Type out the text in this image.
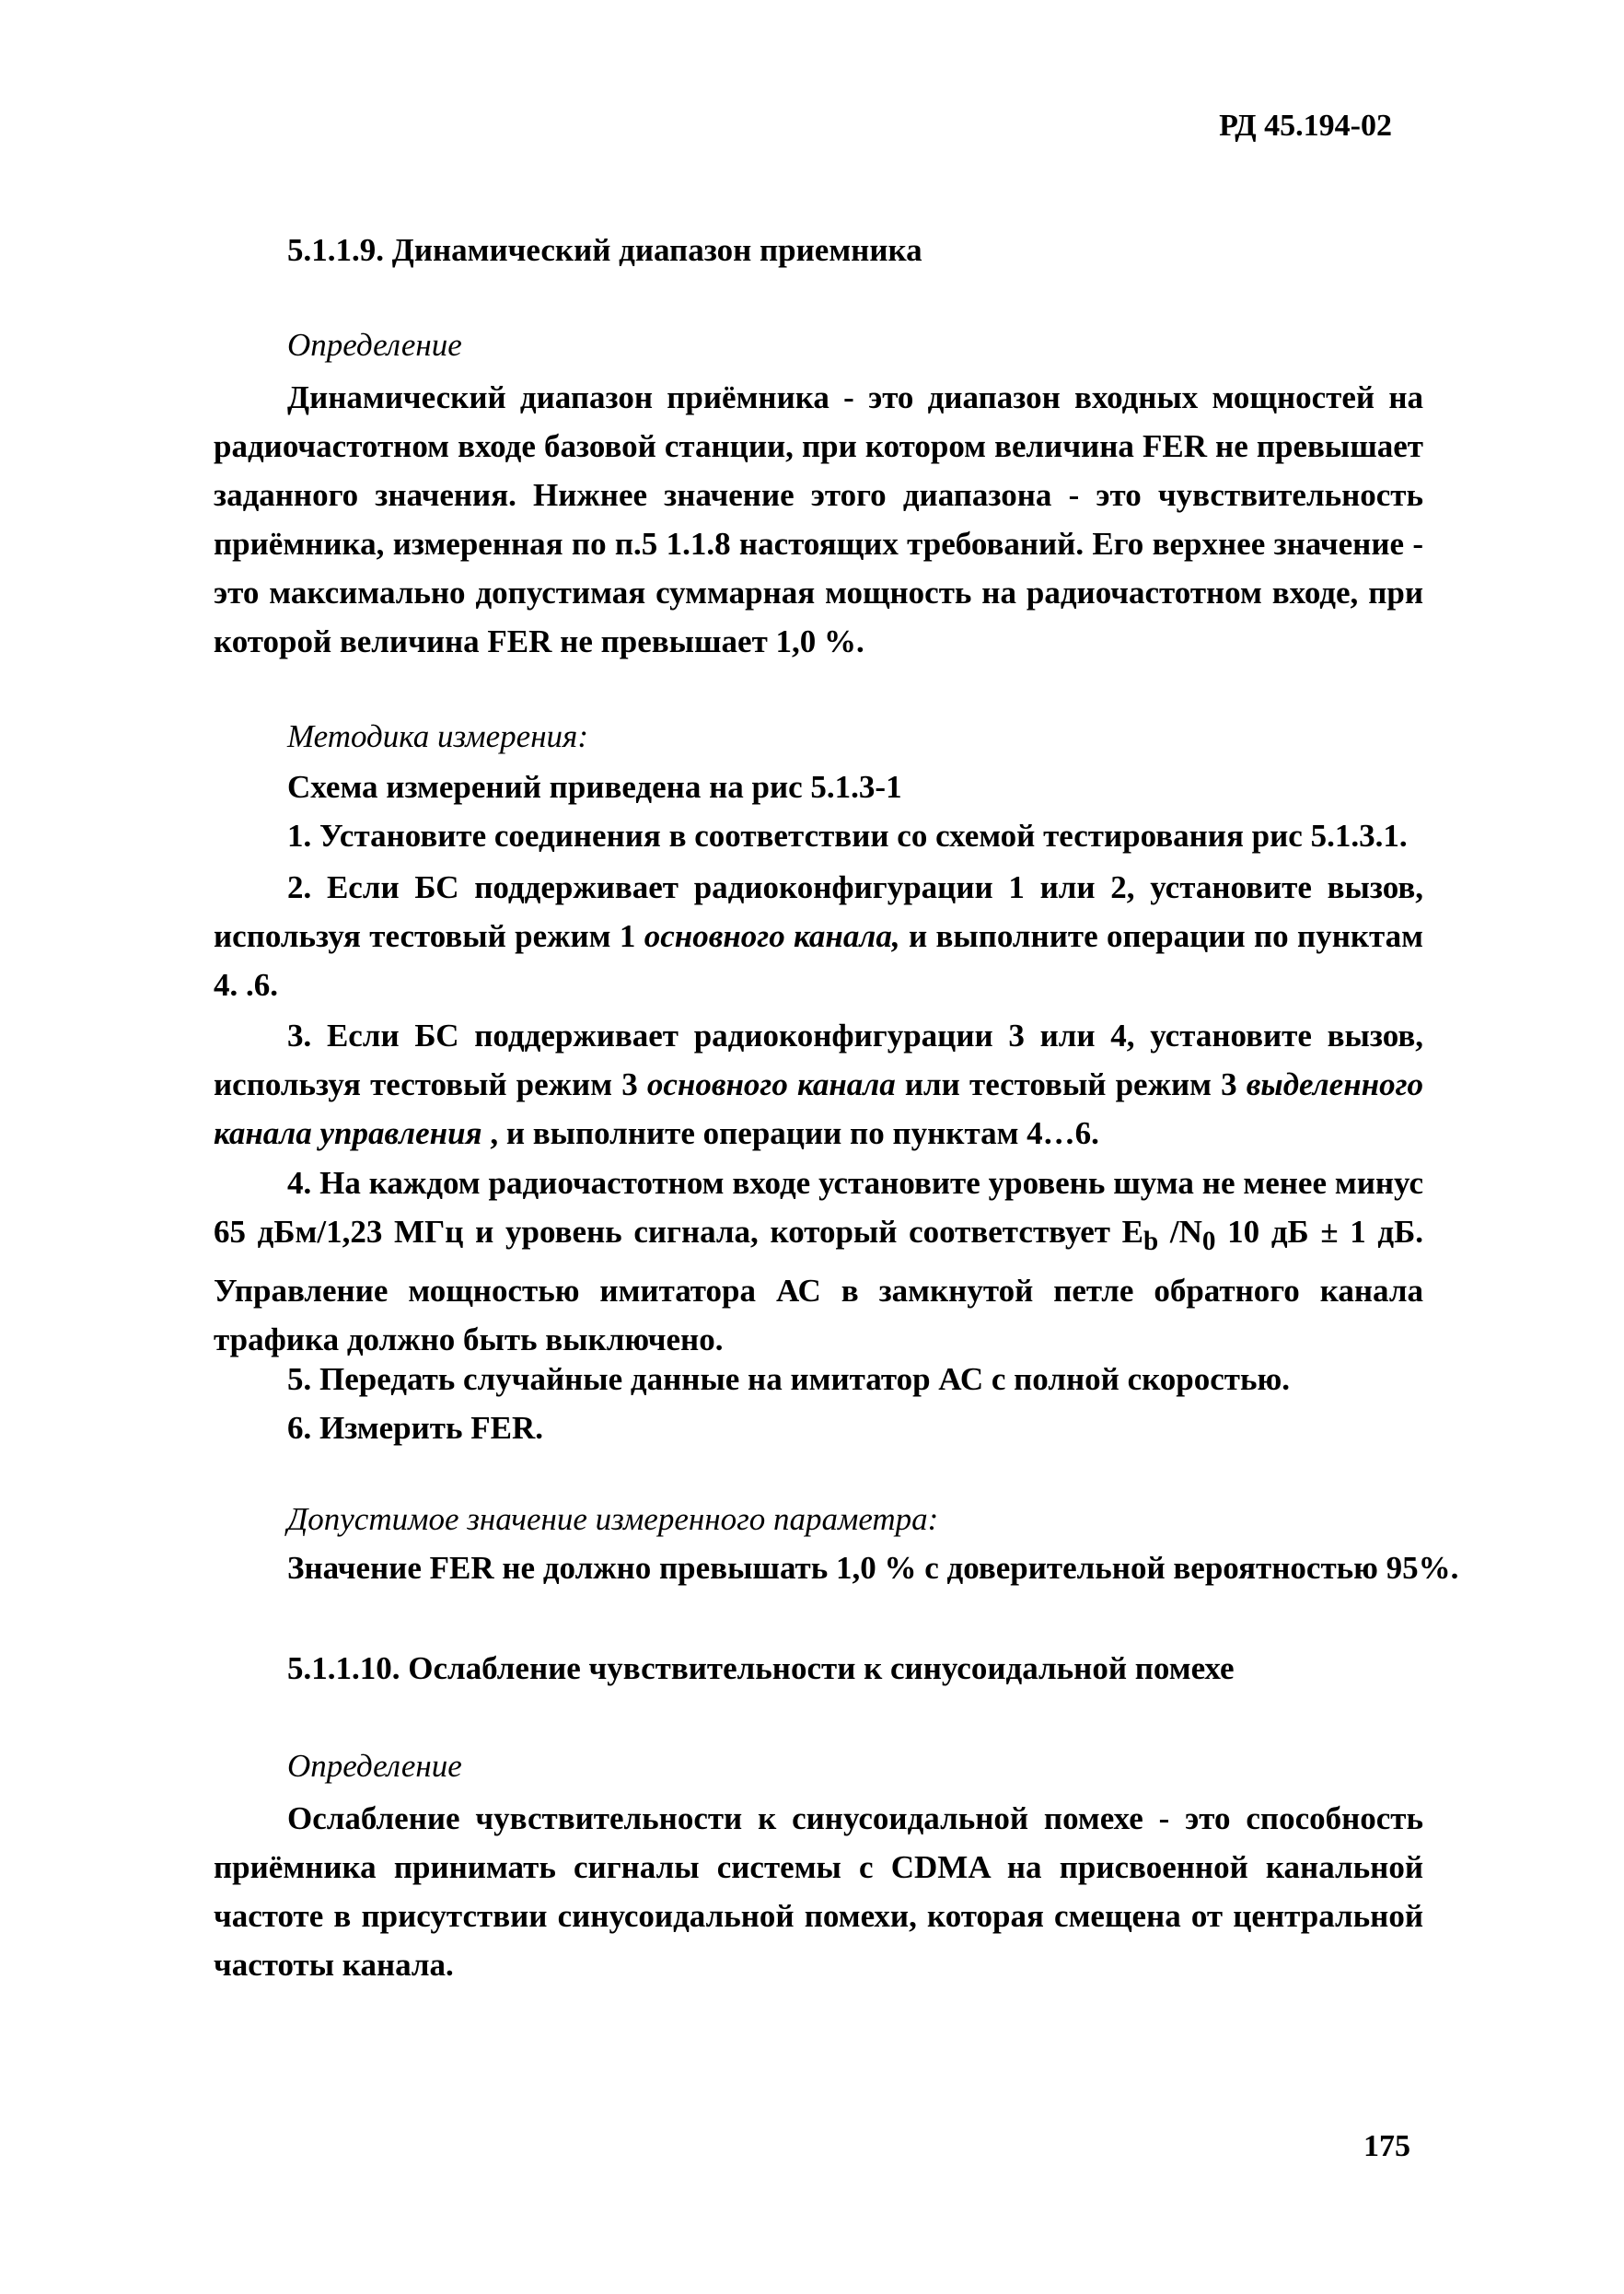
РД 45.194-02
5.1.1.9. Динамический диапазон приемника
Определение

Динамический диапазон приёмника - это диапазон входных мощностей на радиочастотном входе базовой станции, при котором величина FER не превышает заданного значения. Нижнее значение этого диапазона - это чувствительность приёмника, измеренная по п.5 1.1.8 настоящих требований. Его верхнее значение - это максимально допустимая суммарная мощность на радиочастотном входе, при которой величина FER не превышает 1,0 %.

Методика измерения:
Схема измерений приведена на рис 5.1.3-1
1. Установите соединения в соответствии со схемой тестирования рис 5.1.3.1.

2. Если БС поддерживает радиоконфигурации 1 или 2, установите вызов, используя тестовый режим 1 основного канала, и выполните операции по пунктам 4. .6.

3. Если БС поддерживает радиоконфигурации 3 или 4, установите вызов, используя тестовый режим 3 основного канала или тестовый режим 3 выделенного канала управления , и выполните операции по пунктам 4…6.

4. На каждом радиочастотном входе установите уровень шума не менее минус 65 дБм/1,23 МГц и уровень сигнала, который соответствует $E_b$ $/N_0$ 10 дБ ± 1 дБ. Управление мощностью имитатора АС в замкнутой петле обратного канала трафика должно быть выключено.

5. Передать случайные данные на имитатор АС с полной скоростью.
6. Измерить FER.
Допустимое значение измеренного параметра:
Значение FER не должно превышать 1,0 % с доверительной вероятностью 95%.
5.1.1.10. Ослабление чувствительности к синусоидальной помехе
Определение

Ослабление чувствительности к синусоидальной помехе - это способность приёмника принимать сигналы системы с CDMA на присвоенной канальной частоте в присутствии синусоидальной помехи, которая смещена от центральной частоты канала.

175
